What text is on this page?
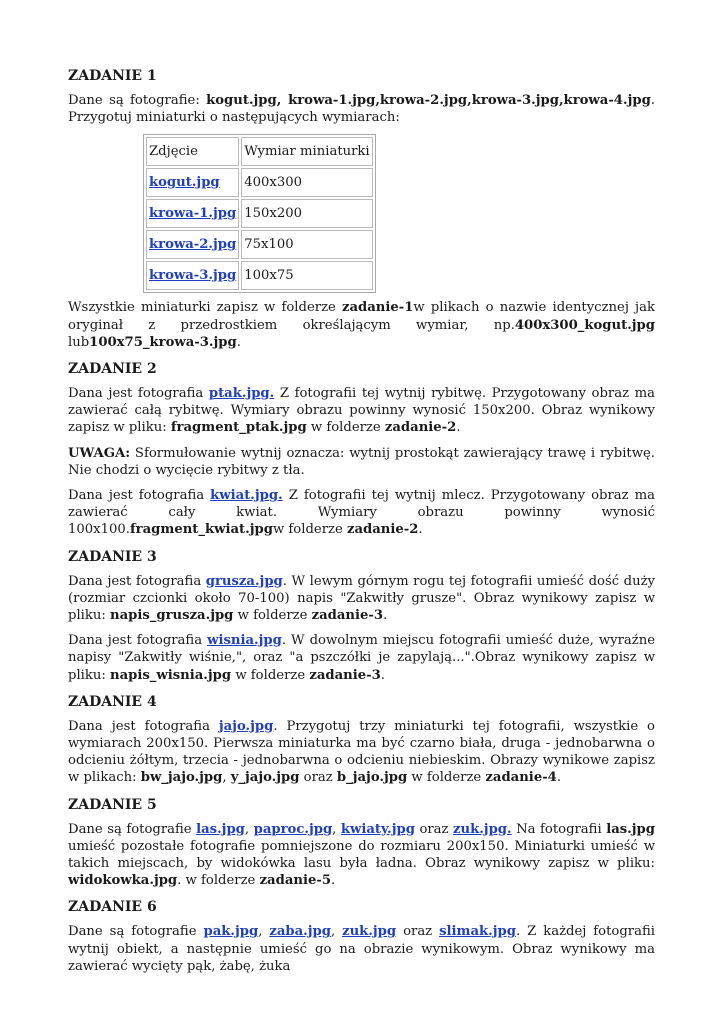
ZADANIE 1

Dane są fotografie: kogut.jpg, krowa-1.jpg,krowa-2.jpg,krowa-3.jpg,krowa-4.jpg. Przygotuj miniaturki o następujących wymiarach:

Zdjęcie	Wymiar miniaturki
kogut.jpg	400x300
krowa-1.jpg	150x200
krowa-2.jpg	75x100
krowa-3.jpg	100x75

Wszystkie miniaturki zapisz w folderze zadanie-1w plikach o nazwie identycznej jak oryginał z przedrostkiem określającym wymiar, np.400x300_kogut.jpg lub100x75_krowa-3.jpg.

ZADANIE 2

Dana jest fotografia ptak.jpg. Z fotografii tej wytnij rybitwę. Przygotowany obraz ma zawierać całą rybitwę. Wymiary obrazu powinny wynosić 150x200. Obraz wynikowy zapisz w pliku: fragment_ptak.jpg w folderze zadanie-2.

UWAGA: Sformułowanie wytnij oznacza: wytnij prostokąt zawierający trawę i rybitwę. Nie chodzi o wycięcie rybitwy z tła.

Dana jest fotografia kwiat.jpg. Z fotografii tej wytnij mlecz. Przygotowany obraz ma zawierać cały kwiat. Wymiary obrazu powinny wynosić 100x100.fragment_kwiat.jpgw folderze zadanie-2.

ZADANIE 3

Dana jest fotografia grusza.jpg. W lewym górnym rogu tej fotografii umieść dość duży (rozmiar czcionki około 70-100) napis "Zakwitły grusze". Obraz wynikowy zapisz w pliku: napis_grusza.jpg w folderze zadanie-3.

Dana jest fotografia wisnia.jpg. W dowolnym miejscu fotografii umieść duże, wyraźne napisy "Zakwitły wiśnie,", oraz "a pszczółki je zapylają...".Obraz wynikowy zapisz w pliku: napis_wisnia.jpg w folderze zadanie-3.

ZADANIE 4

Dana jest fotografia jajo.jpg. Przygotuj trzy miniaturki tej fotografii, wszystkie o wymiarach 200x150. Pierwsza miniaturka ma być czarno biała, druga - jednobarwna o odcieniu żółtym, trzecia - jednobarwna o odcieniu niebieskim. Obrazy wynikowe zapisz w plikach: bw_jajo.jpg, y_jajo.jpg oraz b_jajo.jpg w folderze zadanie-4.

ZADANIE 5

Dane są fotografie las.jpg, paproc.jpg, kwiaty.jpg oraz zuk.jpg. Na fotografii las.jpg umieść pozostałe fotografie pomniejszone do rozmiaru 200x150. Miniaturki umieść w takich miejscach, by widokówka lasu była ładna. Obraz wynikowy zapisz w pliku: widokowka.jpg. w folderze zadanie-5.

ZADANIE 6

Dane są fotografie pak.jpg, zaba.jpg, zuk.jpg oraz slimak.jpg. Z każdej fotografii wytnij obiekt, a następnie umieść go na obrazie wynikowym. Obraz wynikowy ma zawierać wycięty pąk, żabę, żuka
